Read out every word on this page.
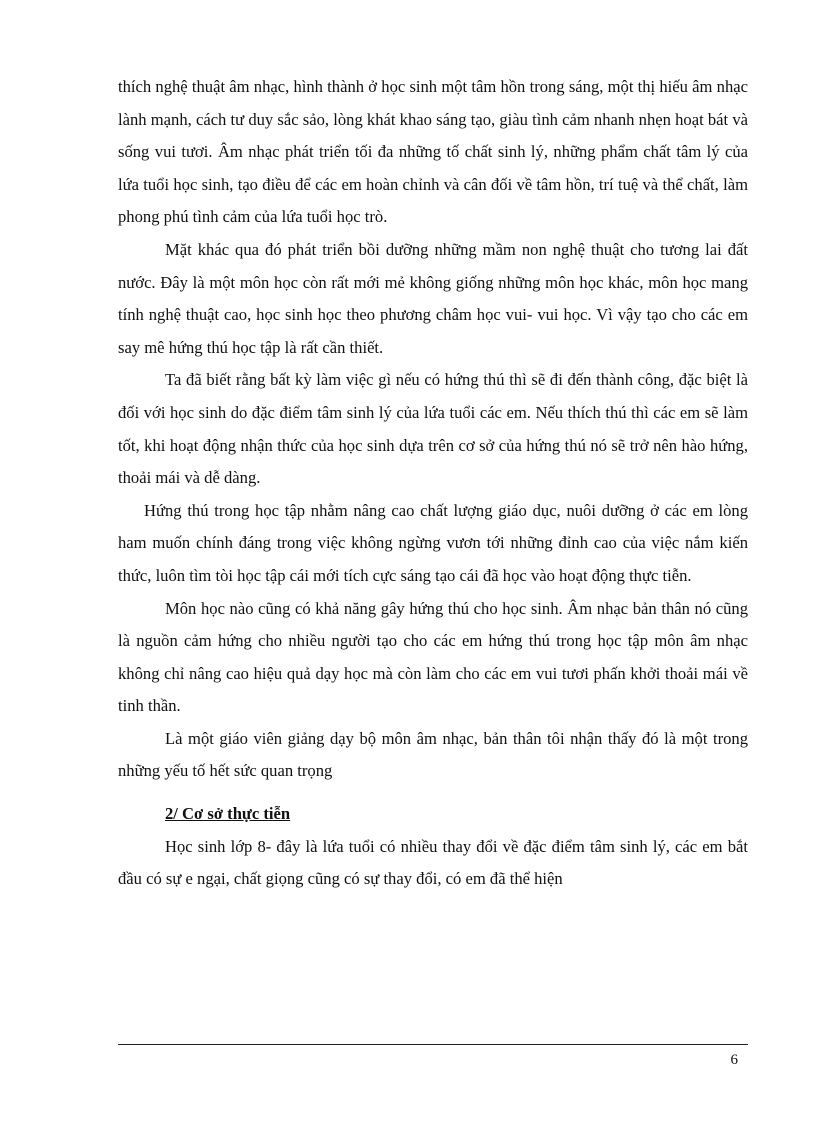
thích nghệ thuật âm nhạc, hình thành ở học sinh một tâm hồn trong sáng, một thị hiếu âm nhạc lành mạnh, cách tư duy sắc sảo, lòng khát khao sáng tạo, giàu tình cảm nhanh nhẹn hoạt bát và sống vui tươi. Âm nhạc phát triển tối đa những tố chất sinh lý, những phẩm chất tâm lý của lứa tuổi học sinh, tạo điều để các em hoàn chỉnh và cân đối về tâm hồn, trí tuệ và thể chất, làm phong phú tình cảm của lứa tuổi học trò.

Mặt khác qua đó phát triển bồi dưỡng những mầm non nghệ thuật cho tương lai đất nước. Đây là một môn học còn rất mới mẻ không giống những môn học khác, môn học mang tính nghệ thuật cao, học sinh học theo phương châm học vui- vui học. Vì vậy tạo cho các em say mê hứng thú học tập là rất cần thiết.

Ta đã biết rằng bất kỳ làm việc gì nếu có hứng thú thì sẽ đi đến thành công, đặc biệt là đối với học sinh do đặc điểm tâm sinh lý của lứa tuổi các em. Nếu thích thú thì các em sẽ làm tốt, khi hoạt động nhận thức của học sinh dựa trên cơ sở của hứng thú nó sẽ trở nên hào hứng, thoải mái và dễ dàng.

Hứng thú trong học tập nhằm nâng cao chất lượng giáo dục, nuôi dưỡng ở các em lòng ham muốn chính đáng trong việc không ngừng vươn tới những đỉnh cao của việc nắm kiến thức, luôn tìm tòi học tập cái mới tích cực sáng tạo cái đã học vào hoạt động thực tiễn.

Môn học nào cũng có khả năng gây hứng thú cho học sinh. Âm nhạc bản thân nó cũng là nguồn cảm hứng cho nhiều người tạo cho các em hứng thú trong học tập môn âm nhạc không chỉ nâng cao hiệu quả dạy học mà còn làm cho các em vui tươi phấn khởi thoải mái về tinh thần.

Là một giáo viên giảng dạy bộ môn âm nhạc, bản thân tôi nhận thấy đó là một trong những yếu tố hết sức quan trọng

2/ Cơ sở thực tiễn

Học sinh lớp 8- đây là lứa tuổi có nhiều thay đổi về đặc điểm tâm sinh lý, các em bắt đầu có sự e ngại, chất giọng cũng có sự thay đổi, có em đã thể hiện

6
